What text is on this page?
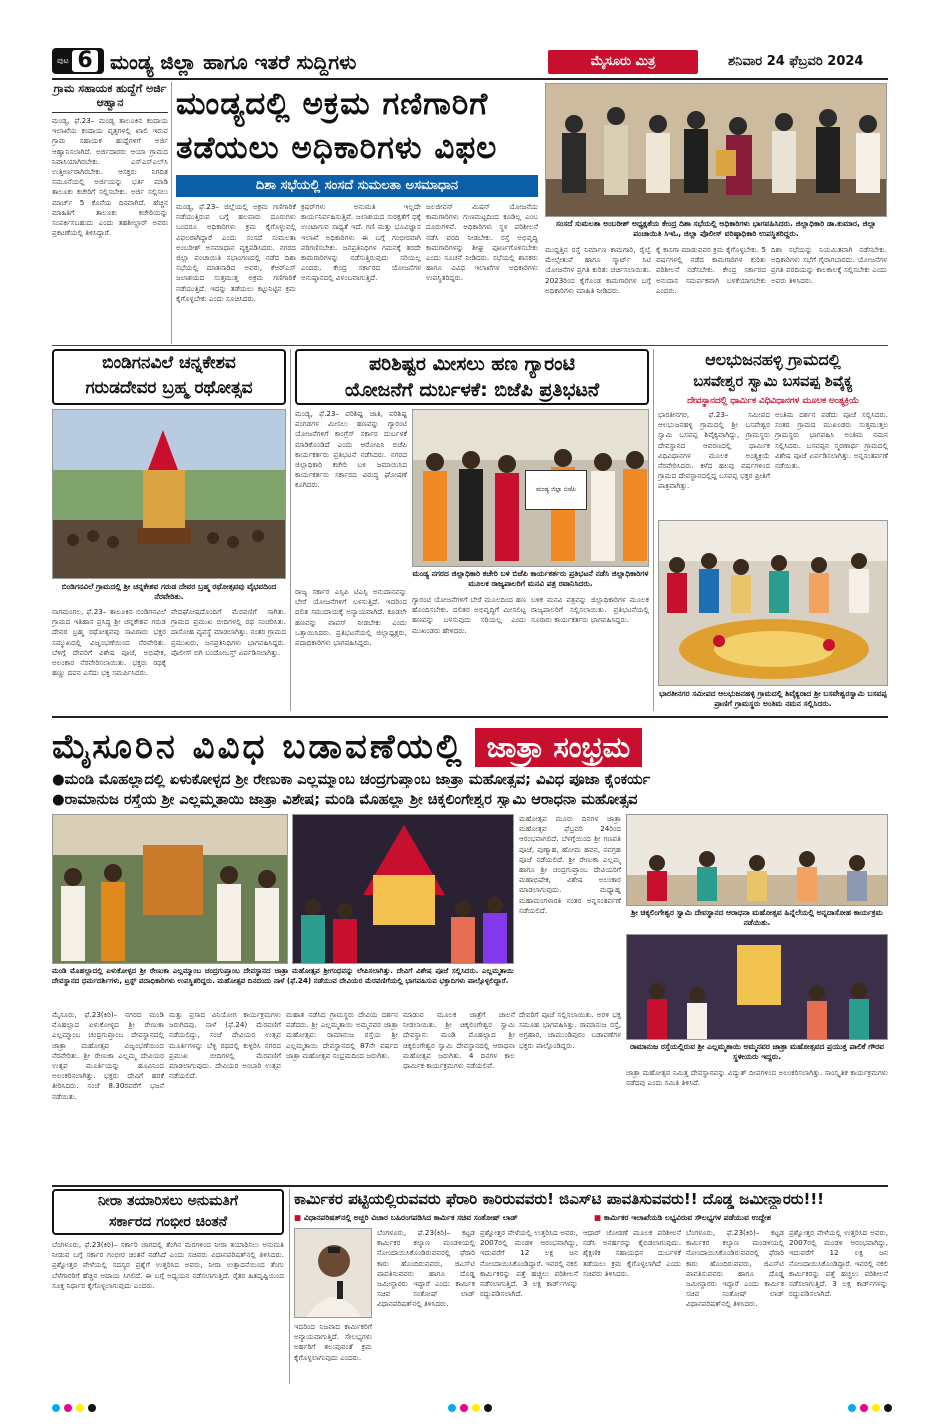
ಪುಟ 6 ಮಂಡ್ಯ ಜಿಲ್ಲಾ ಹಾಗೂ ಇತರೆ ಸುದ್ದಿಗಳು	ಮೈಸೂರು ಮಿತ್ರ	ಶನಿವಾರ 24 ಫೆಬ್ರವರಿ 2024
ಗ್ರಾಮ ಸಹಾಯಕ ಹುದ್ದೆಗೆ ಅರ್ಜಿ ಆಹ್ವಾನ
ಮಂಡ್ಯ, ಫೆ.23– ಮಂಡ್ಯ ತಾಲೂಕಿನ ಕಂದಾಯ ಇಲಾಖೆಯ ಕಂದಾಯ ವೃತ್ತಗಳಲ್ಲಿ ಖಾಲಿ ಇರುವ ಗ್ರಾಮ ಸಹಾಯಕ ಹುದ್ದೆಗಳಿಗೆ ಅರ್ಜಿ ಆಹ್ವಾನಿಸಲಾಗಿದೆ. ಅರ್ಜಿದಾರರು ಆಯಾ ಗ್ರಾಮದ ನಿವಾಸಿಯಾಗಿರಬೇಕು. ಎಸ್ಎಸ್ಎಲ್‌ಸಿ ಉತ್ತೀರ್ಣರಾಗಿರಬೇಕು. ಆಸಕ್ತರು ನಿಗದಿತ ನಮೂನೆಯಲ್ಲಿ ಅರ್ಜಿಯನ್ನು ಭರ್ತಿ ಮಾಡಿ ತಾಲೂಕು ಕಚೇರಿಗೆ ಸಲ್ಲಿಸಬೇಕು. ಅರ್ಜಿ ಸಲ್ಲಿಸಲು ಮಾರ್ಚ್ 5 ಕೊನೆಯ ದಿನವಾಗಿದೆ. ಹೆಚ್ಚಿನ ಮಾಹಿತಿಗೆ ತಾಲೂಕು ಕಚೇರಿಯನ್ನು ಸಂಪರ್ಕಿಸಬಹುದು ಎಂದು ತಹಶೀಲ್ದಾರ್ ಅವರು ಪ್ರಕಟಣೆಯಲ್ಲಿ ತಿಳಿಸಿದ್ದಾರೆ.
ಮಂಡ್ಯದಲ್ಲಿ ಅಕ್ರಮ ಗಣಿಗಾರಿಗೆ
ತಡೆಯಲು ಅಧಿಕಾರಿಗಳು ವಿಫಲ
ದಿಶಾ ಸಭೆಯಲ್ಲಿ ಸಂಸದೆ ಸುಮಲತಾ ಅಸಮಾಧಾನ
ಸಂಸದೆ ಸುಮಲತಾ ಅಂಬರೀಶ್ ಅಧ್ಯಕ್ಷತೆಯ ಕೇಂದ್ರ ದಿಶಾ ಸಭೆಯಲ್ಲಿ ಅಧಿಕಾರಿಗಳು ಭಾಗವಹಿಸಿದರು. ಜಿಲ್ಲಾಧಿಕಾರಿ ಡಾ.ಕುಮಾರ, ಜಿಲ್ಲಾ ಪಂಚಾಯಿತಿ ಸಿಇಓ, ಜಿಲ್ಲಾ ಪೊಲೀಸ್ ವರಿಷ್ಠಾಧಿಕಾರಿ ಉಪಸ್ಥಿತರಿದ್ದರು.
ಮಂಡ್ಯ, ಫೆ.23– ಜಿಲ್ಲೆಯಲ್ಲಿ ಅಕ್ರಮ ಗಣಿಗಾರಿಕೆ ನಡೆಯುತ್ತಿರುವ ಬಗ್ಗೆ ಹಲವಾರು ದೂರುಗಳು ಬಂದರೂ ಅಧಿಕಾರಿಗಳು ಕ್ರಮ ಕೈಗೊಳ್ಳುವಲ್ಲಿ ವಿಫಲರಾಗಿದ್ದಾರೆ ಎಂದು ಸಂಸದೆ ಸುಮಲತಾ ಅಂಬರೀಶ್ ಅಸಮಾಧಾನ ವ್ಯಕ್ತಪಡಿಸಿದರು. ನಗರದ ಜಿಲ್ಲಾ ಪಂಚಾಯಿತಿ ಸಭಾಂಗಣದಲ್ಲಿ ನಡೆದ ದಿಶಾ ಸಭೆಯಲ್ಲಿ ಮಾತನಾಡಿದ ಅವರು, ಕೆಆರ್‌ಎಸ್ ಜಲಾಶಯದ ಸುತ್ತಮುತ್ತ ಅಕ್ರಮ ಗಣಿಗಾರಿಕೆ ನಡೆಯುತ್ತಿದೆ. ಇದನ್ನು ತಡೆಯಲು ಕಟ್ಟುನಿಟ್ಟಿನ ಕ್ರಮ ಕೈಗೊಳ್ಳಬೇಕು ಎಂದು ಸೂಚಿಸಿದರು.
ಕ್ರಷರ್‌ಗಳು ಅನುಮತಿ ಇಲ್ಲದೇ ಕಾರ್ಯನಿರ್ವಹಿಸುತ್ತಿವೆ. ಜಲಾಶಯದ ಸುರಕ್ಷತೆಗೆ ಧಕ್ಕೆ ಉಂಟಾಗುವ ಸಾಧ್ಯತೆ ಇದೆ. ಗಣಿ ಮತ್ತು ಭೂವಿಜ್ಞಾನ ಇಲಾಖೆ ಅಧಿಕಾರಿಗಳು ಈ ಬಗ್ಗೆ ಗಂಭೀರವಾಗಿ ಪರಿಗಣಿಸಬೇಕು. ಜನಪ್ರತಿನಿಧಿಗಳ ಗಮನಕ್ಕೆ ತರದೇ ಕಾಮಗಾರಿಗಳನ್ನು ನಡೆಸುತ್ತಿರುವುದು ಸರಿಯಲ್ಲ ಎಂದರು. ಕೇಂದ್ರ ಸರ್ಕಾರದ ಯೋಜನೆಗಳ ಅನುಷ್ಠಾನದಲ್ಲಿ ವಿಳಂಬವಾಗುತ್ತಿದೆ.
ಜಲಜೀವನ್ ಮಿಷನ್ ಯೋಜನೆಯ ಕಾಮಗಾರಿಗಳು ಗುಣಮಟ್ಟದಿಂದ ಕೂಡಿಲ್ಲ ಎಂಬ ದೂರುಗಳಿವೆ. ಅಧಿಕಾರಿಗಳು ಸ್ಥಳ ಪರಿಶೀಲನೆ ನಡೆಸಿ ವರದಿ ನೀಡಬೇಕು. ರಸ್ತೆ ಅಭಿವೃದ್ಧಿ ಕಾಮಗಾರಿಗಳನ್ನು ಶೀಘ್ರ ಪೂರ್ಣಗೊಳಿಸಬೇಕು ಎಂದು ಸೂಚನೆ ನೀಡಿದರು. ಸಭೆಯಲ್ಲಿ ಶಾಸಕರು ಹಾಗೂ ವಿವಿಧ ಇಲಾಖೆಗಳ ಅಧಿಕಾರಿಗಳು ಉಪಸ್ಥಿತರಿದ್ದರು.
ಮುದ್ದತ್ತಿನ ರಸ್ತೆ ನಿರ್ಮಾಣ ಕಾಮಗಾರಿ, ರೈಲ್ವೆ ಮೇಲ್ಸೇತುವೆ ಹಾಗೂ ಸ್ಮಾರ್ಟ್ ಸಿಟಿ ಯೋಜನೆಗಳ ಪ್ರಗತಿ ಕುರಿತು ಚರ್ಚಿಸಲಾಯಿತು. 2023ರಿಂದ ಕೈಗೊಂಡ ಕಾಮಗಾರಿಗಳ ಬಗ್ಗೆ ಅಧಿಕಾರಿಗಳು ಮಾಹಿತಿ ನೀಡಿದರು.
ಕೈ ಕಾಸಗಾ ಮಾಡುವವರ ಕ್ರಮ ಕೈಗೊಳ್ಳಬೇಕು. 5 ವರ್ಷಗಳಲ್ಲಿ ನಡೆದ ಕಾಮಗಾರಿಗಳ ಕುರಿತು ಪರಿಶೀಲನೆ ನಡೆಸಬೇಕು. ಕೇಂದ್ರ ಸರ್ಕಾರದ ಅನುದಾನ ಸಮರ್ಪಕವಾಗಿ ಬಳಕೆಯಾಗಬೇಕು ಎಂದರು.
ದಿಶಾ ಸಭೆಯನ್ನು ನಿಯಮಿತವಾಗಿ ನಡೆಸಬೇಕು. ಅಧಿಕಾರಿಗಳು ಸಭೆಗೆ ಗೈರಾಗಬಾರದು. ಯೋಜನೆಗಳ ಪ್ರಗತಿ ವರದಿಯನ್ನು ಕಾಲಕಾಲಕ್ಕೆ ಸಲ್ಲಿಸಬೇಕು ಎಂದು ಅವರು ತಿಳಿಸಿದರು.
ಬಿಂಡಿಗನವಿಲೆ ಚನ್ನಕೇಶವ
ಗರುಡದೇವರ ಬ್ರಹ್ಮ ರಥೋತ್ಸವ
ಬಿಂಡಿಗನವಿಲೆ ಗ್ರಾಮದಲ್ಲಿ ಶ್ರೀ ಚನ್ನಕೇಶವ ಗರುಡ ದೇವರ ಬ್ರಹ್ಮ ರಥೋತ್ಸವವು ವೈಭವದಿಂದ ನೆರವೇರಿತು.
ನಾಗಮಂಗಲ, ಫೆ.23– ತಾಲೂಕಿನ ಬಿಂಡಿಗನವಿಲೆ ಗ್ರಾಮದ ಇತಿಹಾಸ ಪ್ರಸಿದ್ಧ ಶ್ರೀ ಚನ್ನಕೇಶವ ಗರುಡ ದೇವರ ಬ್ರಹ್ಮ ರಥೋತ್ಸವವು ಸಾವಿರಾರು ಭಕ್ತರ ಸಮ್ಮುಖದಲ್ಲಿ ವಿಜೃಂಭಣೆಯಿಂದ ನೆರವೇರಿತು. ಬೆಳಿಗ್ಗೆ ದೇವರಿಗೆ ವಿಶೇಷ ಪೂಜೆ, ಅಭಿಷೇಕ, ಅಲಂಕಾರ ನೆರವೇರಿಸಲಾಯಿತು. ಭಕ್ತರು ರಥಕ್ಕೆ ಹಣ್ಣು ದವನ ಎಸೆದು ಭಕ್ತಿ ಸಮರ್ಪಿಸಿದರು.
ವೇದಘೋಷದೊಂದಿಗೆ ಮೆರವಣಿಗೆ ಸಾಗಿತು. ಗ್ರಾಮದ ಪ್ರಮುಖ ಬೀದಿಗಳಲ್ಲಿ ರಥ ಸಂಚರಿಸಿತು. ದಾಸೋಹ ವ್ಯವಸ್ಥೆ ಮಾಡಲಾಗಿತ್ತು. ನಂತರ ಗ್ರಾಮದ ಪ್ರಮುಖರು, ಜನಪ್ರತಿನಿಧಿಗಳು ಭಾಗವಹಿಸಿದ್ದರು. ಪೊಲೀಸ್ ಬಿಗಿ ಬಂದೋಬಸ್ತ್ ಏರ್ಪಡಿಸಲಾಗಿತ್ತು.
ಪರಿಶಿಷ್ಟರ ಮೀಸಲು ಹಣ ಗ್ಯಾರಂಟಿ
ಯೋಜನೆಗೆ ದುರ್ಬಳಕೆ: ಬಿಜೆಪಿ ಪ್ರತಿಭಟನೆ
ಮಂಡ್ಯ, ಫೆ.23– ಪರಿಶಿಷ್ಟ ಜಾತಿ, ಪರಿಶಿಷ್ಟ ಪಂಗಡಗಳ ಮೀಸಲು ಹಣವನ್ನು ಗ್ಯಾರಂಟಿ ಯೋಜನೆಗಳಿಗೆ ಕಾಂಗ್ರೆಸ್ ಸರ್ಕಾರ ದುರ್ಬಳಕೆ ಮಾಡಿಕೊಂಡಿದೆ ಎಂದು ಆರೋಪಿಸಿ ಬಿಜೆಪಿ ಕಾರ್ಯಕರ್ತರು ಪ್ರತಿಭಟನೆ ನಡೆಸಿದರು. ನಗರದ ಜಿಲ್ಲಾಧಿಕಾರಿ ಕಚೇರಿ ಬಳಿ ಜಮಾಯಿಸಿದ ಕಾರ್ಯಕರ್ತರು ಸರ್ಕಾರದ ವಿರುದ್ಧ ಘೋಷಣೆ ಕೂಗಿದರು.
ಮಂಡ್ಯ ಜಿಲ್ಲಾ ಬಿಜೆಪಿ
ಮಂಡ್ಯ ನಗರದ ಜಿಲ್ಲಾಧಿಕಾರಿ ಕಚೇರಿ ಬಳಿ ಬಿಜೆಪಿ ಕಾರ್ಯಕರ್ತರು ಪ್ರತಿಭಟನೆ ನಡೆಸಿ ಜಿಲ್ಲಾಧಿಕಾರಿಗಳ ಮೂಲಕ ರಾಜ್ಯಪಾಲರಿಗೆ ಮನವಿ ಪತ್ರ ರವಾನಿಸಿದರು.
ರಾಜ್ಯ ಸರ್ಕಾರ ಎಸ್ಸಿಪಿ ಟಿಎಸ್ಪಿ ಅನುದಾನವನ್ನು ಬೇರೆ ಯೋಜನೆಗಳಿಗೆ ಬಳಸುತ್ತಿದೆ. ಇದರಿಂದ ದಲಿತ ಸಮುದಾಯಕ್ಕೆ ಅನ್ಯಾಯವಾಗಿದೆ. ಕೂಡಲೇ ಹಣವನ್ನು ವಾಪಸ್ ನೀಡಬೇಕು ಎಂದು ಒತ್ತಾಯಿಸಿದರು. ಪ್ರತಿಭಟನೆಯಲ್ಲಿ ಜಿಲ್ಲಾಧ್ಯಕ್ಷರು, ಪದಾಧಿಕಾರಿಗಳು ಭಾಗವಹಿಸಿದ್ದರು.
ಗ್ಯಾರಂಟಿ ಯೋಜನೆಗಳಿಗೆ ಬೇರೆ ಮೂಲದಿಂದ ಹಣ ಹೊಂದಿಸಬೇಕು. ದಲಿತರ ಅಭಿವೃದ್ಧಿಗೆ ಮೀಸಲಿಟ್ಟ ಹಣವನ್ನು ಬಳಸುವುದು ಸರಿಯಲ್ಲ ಎಂದು ಮುಖಂಡರು ಹೇಳಿದರು.
ಬಳಿಕ ಮನವಿ ಪತ್ರವನ್ನು ಜಿಲ್ಲಾಧಿಕಾರಿಗಳ ಮೂಲಕ ರಾಜ್ಯಪಾಲರಿಗೆ ಸಲ್ಲಿಸಲಾಯಿತು. ಪ್ರತಿಭಟನೆಯಲ್ಲಿ ನೂರಾರು ಕಾರ್ಯಕರ್ತರು ಭಾಗವಹಿಸಿದ್ದರು.
ಆಲಭುಜನಹಳ್ಳಿ ಗ್ರಾಮದಲ್ಲಿ
ಬಸವೇಶ್ವರ ಸ್ವಾಮಿ ಬಸವಪ್ಪ ಶಿವೈಕ್ಯ
ದೇವಸ್ಥಾನದಲ್ಲಿ ಧಾರ್ಮಿಕ ವಿಧಿವಿಧಾನಗಳ ಮೂಲಕ ಅಂತ್ಯಕ್ರಿಯೆ
ಭಾರತೀನಗರ, ಫೆ.23– ಸಮೀಪದ ಆಲಭುಜನಹಳ್ಳಿ ಗ್ರಾಮದಲ್ಲಿ ಶ್ರೀ ಬಸವೇಶ್ವರ ಸ್ವಾಮಿ ಬಸವಪ್ಪ ಶಿವೈಕ್ಯವಾಗಿದ್ದು, ಗ್ರಾಮಸ್ಥರು ದೇವಸ್ಥಾನದ ಆವರಣದಲ್ಲಿ ಧಾರ್ಮಿಕ ವಿಧಿವಿಧಾನಗಳ ಮೂಲಕ ಅಂತ್ಯಕ್ರಿಯೆ ನೆರವೇರಿಸಿದರು. ಕಳೆದ ಹಲವು ವರ್ಷಗಳಿಂದ ಗ್ರಾಮದ ದೇವಸ್ಥಾನದಲ್ಲಿದ್ದ ಬಸವಪ್ಪ ಭಕ್ತರ ಪ್ರೀತಿಗೆ ಪಾತ್ರವಾಗಿತ್ತು.
ಅಂತಿಮ ದರ್ಶನ ಪಡೆದು ಪೂಜೆ ಸಲ್ಲಿಸಿದರು. ಸಂತರ ಗ್ರಾಮದ ಮುಖಂಡರು ಸುತ್ತಮುತ್ತಲ ಗ್ರಾಮಸ್ಥರು ಭಾಗವಹಿಸಿ ಅಂತಿಮ ನಮನ ಸಲ್ಲಿಸಿದರು. ಬಸವಪ್ಪನ ಸ್ಮರಣಾರ್ಥ ಗ್ರಾಮದಲ್ಲಿ ವಿಶೇಷ ಪೂಜೆ ಏರ್ಪಡಿಸಲಾಗಿತ್ತು. ಅನ್ನಸಂತರ್ಪಣೆ ನಡೆಯಿತು.
ಭಾರತೀನಗರ ಸಮೀಪದ ಆಲಭುಜನಹಳ್ಳಿ ಗ್ರಾಮದಲ್ಲಿ ಶಿವೈಕ್ಯರಾದ ಶ್ರೀ ಬಸವೇಶ್ವರಸ್ವಾಮಿ ಬಸವಪ್ಪ ಪ್ರಾಣಿಗೆ ಗ್ರಾಮಸ್ಥರು ಅಂತಿಮ ನಮನ ಸಲ್ಲಿಸಿದರು.
ಮೈಸೂರಿನ ವಿವಿಧ ಬಡಾವಣೆಯಲ್ಲಿ ಜಾತ್ರಾ ಸಂಭ್ರಮ
●ಮಂಡಿ ಮೊಹಲ್ಲಾದಲ್ಲಿ ಏಳುಕೋಳ್ಳದ ಶ್ರೀ ರೇಣುಕಾ ಎಲ್ಲಮ್ಮಾಂಬ ಚಂದ್ರಗುಪ್ತಾಂಬ ಜಾತ್ರಾ ಮಹೋತ್ಸವ; ವಿವಿಧ ಪೂಜಾ ಕೈಂಕರ್ಯ
●ರಾಮಾನುಜ ರಸ್ತೆಯ ಶ್ರೀ ಎಲ್ಲಮ್ಮತಾಯಿ ಜಾತ್ರಾ ವಿಶೇಷ; ಮಂಡಿ ಮೊಹಲ್ಲಾ ಶ್ರೀ ಚಿಕ್ಕಲಿಂಗೇಶ್ವರ ಸ್ವಾಮಿ ಆರಾಧನಾ ಮಹೋತ್ಸವ
ಮಂಡಿ ಮೊಹಲ್ಲಾದಲ್ಲಿ ಏಳುಕೋಳ್ಳದ ಶ್ರೀ ರೇಣುಕಾ ಎಲ್ಲಮ್ಮಾಂಬ ಚಂದ್ರಗುಪ್ತಾಂಬ ದೇವಸ್ಥಾನದ ಜಾತ್ರಾ ಮಹೋತ್ಸವ ಶ್ರೀಗಂಧವನ್ನು ಲೇಪಿಸಲಾಗಿತ್ತು. ದೇವಿಗೆ ವಿಶೇಷ ಪೂಜೆ ಸಲ್ಲಿಸಿದರು. ಎಲ್ಲಮ್ಮತಾಯಿ ದೇವಸ್ಥಾನದ ಧರ್ಮದರ್ಶಿಗಳು, ಟ್ರಸ್ಟ್ ಪದಾಧಿಕಾರಿಗಳು ಉಪಸ್ಥಿತರಿದ್ದರು. ಮಹೋತ್ಸವ ದಿನದಂದು ನಾಳೆ (ಫೆ.24) ನಡೆಯುವ ದೇವಿಯರ ಮೆರವಣಿಗೆಯಲ್ಲಿ ಭಾಗವಹಿಸುವ ಭಕ್ತಾದಿಗಳು ಪಾಲ್ಗೊಳ್ಳಲಿದ್ದಾರೆ.
ಮಹೋತ್ಸವ ಮೂರು ದಿನಗಳ ಜಾತ್ರಾ ಮಹೋತ್ಸವ ಫೆಬ್ರವರಿ 24ರಿಂದ ಆರಂಭವಾಗಲಿದೆ. ಬೆಳಗ್ಗೆಯಿಂದ ಶ್ರೀ ಗಣಪತಿ ಪೂಜೆ, ಪುಣ್ಯಾಹ, ಹೋಮ ಹವನ, ನವಗ್ರಹ ಪೂಜೆ ನಡೆಯಲಿದೆ. ಶ್ರೀ ರೇಣುಕಾ ಎಲ್ಲಮ್ಮ ಹಾಗೂ ಶ್ರೀ ಚಂದ್ರಗುಪ್ತಾಂಬ ದೇವಿಯರಿಗೆ ಮಹಾಭಿಷೇಕ, ವಿಶೇಷ ಅಲಂಕಾರ ಮಾಡಲಾಗುವುದು. ಮಧ್ಯಾಹ್ನ ಮಹಾಮಂಗಳಾರತಿ ನಂತರ ಅನ್ನಸಂತರ್ಪಣೆ ನಡೆಯಲಿದೆ.	ಶ್ರೀ ಚಿಕ್ಕಲಿಂಗೇಶ್ವರ ಸ್ವಾಮಿ ದೇವಸ್ಥಾನದ ಆರಾಧನಾ ಮಹೋತ್ಸವ ಹಿನ್ನೆಲೆಯಲ್ಲಿ ಅನ್ನದಾಸೋಹ ಕಾರ್ಯಕ್ರಮ ನಡೆಯಿತು.
ರಾಮಾನುಜ ರಸ್ತೆಯಲ್ಲಿರುವ ಶ್ರೀ ಎಲ್ಲಮ್ಮತಾಯಿ ಅಮ್ಮನವರ ಜಾತ್ರಾ ಮಹೋತ್ಸವದ ಪ್ರಯುಕ್ತ ಪಾಲಿಕೆ ಗೌರವ ಸ್ಥಳೀಯರು ಇದ್ದರು.
ಮೈಸೂರು, ಫೆ.23(ಕಿರಿ)– ನಗರದ ಮಂಡಿ ಮೊಹಲ್ಲಾದ ಏಳುಕೋಳ್ಳದ ಶ್ರೀ ರೇಣುಕಾ ಎಲ್ಲಮ್ಮಾಂಬ ಚಂದ್ರಗುಪ್ತಾಂಬ ದೇವಸ್ಥಾನದಲ್ಲಿ ಜಾತ್ರಾ ಮಹೋತ್ಸವ ವಿಜೃಂಭಣೆಯಿಂದ ನೆರವೇರಿತು. ಶ್ರೀ ರೇಣುಕಾ ಎಲ್ಲಮ್ಮ ದೇವಿಯರ ಉತ್ಸವ ಮೂರ್ತಿಯನ್ನು ಹೂವಿನಿಂದ ಅಲಂಕರಿಸಲಾಗಿತ್ತು. ಭಕ್ತರು ದೇವಿಗೆ ಹರಕೆ ತೀರಿಸಿದರು. ಸಂಜೆ 8.30ರವರೆಗೆ ಭಜನೆ ನಡೆಯಿತು.
ಮತ್ತು ಪ್ರಸಾದ ವಿನಿಯೋಗ ಕಾರ್ಯಕ್ರಮಗಳು ಜರುಗಿದವು. ನಾಳೆ (ಫೆ.24) ಮೆರವಣಿಗೆ ನಡೆಯಲಿದ್ದು, ಸಂಜೆ ದೇವಿಯರ ಉತ್ಸವ ಮೂರ್ತಿಗಳನ್ನು ಬೆಳ್ಳಿ ರಥದಲ್ಲಿ ಕುಳ್ಳಿರಿಸಿ ನಗರದ ಪ್ರಮುಖ ಬೀದಿಗಳಲ್ಲಿ ಮೆರವಣಿಗೆ ಮಾಡಲಾಗುವುದು. ದೇವಿಯರ ಅಂಬಾರಿ ಉತ್ಸವ ನಡೆಯಲಿದೆ.
ಮಹಾತ ನಡೆಸಿದ ಗ್ರಾಮಸ್ಥರು ದೇವಿಯ ದರ್ಶನ ಪಡೆದರು. ಶ್ರೀ ಎಲ್ಲಮ್ಮತಾಯಿ ಅಮ್ಮನವರ ಜಾತ್ರಾ ಮಹೋತ್ಸವ: ರಾಮಾನುಜ ರಸ್ತೆಯ ಶ್ರೀ ಎಲ್ಲಮ್ಮತಾಯಿ ದೇವಸ್ಥಾನದಲ್ಲಿ 87ನೇ ವರ್ಷದ ಜಾತ್ರಾ ಮಹೋತ್ಸವ ಸಂಭ್ರಮದಿಂದ ಜರುಗಿತು.
ಮಾಡುವ ಮೂಲಕ ಜಾತ್ರೆಗೆ ಚಾಲನೆ ನೀಡಲಾಯಿತು. ಶ್ರೀ ಚಿಕ್ಕಲಿಂಗೇಶ್ವರ ಸ್ವಾಮಿ ದೇವಸ್ಥಾನ: ಮಂಡಿ ಮೊಹಲ್ಲಾದ ಶ್ರೀ ಚಿಕ್ಕಲಿಂಗೇಶ್ವರ ಸ್ವಾಮಿ ದೇವಸ್ಥಾನದಲ್ಲಿ ಆರಾಧನಾ ಮಹೋತ್ಸವ ಜರುಗಿತು. 4 ದಿನಗಳ ಕಾಲ ಧಾರ್ಮಿಕ ಕಾರ್ಯಕ್ರಮಗಳು ನಡೆಯಲಿವೆ.
ದೇವರಿಗೆ ಪೂಜೆ ಸಲ್ಲಿಸಲಾಯಿತು. ಅರಳಿ ಭಕ್ತ ಸಮೂಹ ಭಾಗವಹಿಸಿತ್ತು. ರಾಮಾನುಜ ರಸ್ತೆ, ಅಗ್ರಹಾರ, ಚಾಮುಂಡಿಪುರಂ ಬಡಾವಣೆಗಳ ಭಕ್ತರು ಪಾಲ್ಗೊಂಡಿದ್ದರು.
ಜಾತ್ರಾ ಮಹೋತ್ಸವ ನಿಮಿತ್ತ ದೇವಸ್ಥಾನವನ್ನು ವಿದ್ಯುತ್ ದೀಪಗಳಿಂದ ಅಲಂಕರಿಸಲಾಗಿತ್ತು. ಸಾಂಸ್ಕೃತಿಕ ಕಾರ್ಯಕ್ರಮಗಳು ನಡೆದವು ಎಂದು ಸಮಿತಿ ತಿಳಿಸಿದೆ.
ನೀರಾ ತಯಾರಿಸಲು ಅನುಮತಿಗೆ
ಸರ್ಕಾರದ ಗಂಭೀರ ಚಿಂತನೆ
ಬೆಂಗಳೂರು, ಫೆ.23(ಕಿರಿ)– ಸರ್ಕಾರಿ ಜಾಗದಲ್ಲಿ ತೆಂಗಿನ ಮರಗಳಿಂದ ನೀರಾ ತಯಾರಿಸಲು ಅನುಮತಿ ನೀಡುವ ಬಗ್ಗೆ ಸರ್ಕಾರ ಗಂಭೀರ ಚಿಂತನೆ ನಡೆಸಿದೆ ಎಂದು ಸಚಿವರು ವಿಧಾನಪರಿಷತ್‌ನಲ್ಲಿ ತಿಳಿಸಿದರು. ಪ್ರಶ್ನೋತ್ತರ ವೇಳೆಯಲ್ಲಿ ಸದಸ್ಯರ ಪ್ರಶ್ನೆಗೆ ಉತ್ತರಿಸಿದ ಅವರು, ನೀರಾ ಉತ್ಪಾದನೆಯಿಂದ ತೆಂಗು ಬೆಳೆಗಾರರಿಗೆ ಹೆಚ್ಚಿನ ಆದಾಯ ಸಿಗಲಿದೆ. ಈ ಬಗ್ಗೆ ಅಧ್ಯಯನ ನಡೆಸಲಾಗುತ್ತಿದೆ. ರೈತರ ಹಿತದೃಷ್ಟಿಯಿಂದ ಸೂಕ್ತ ನಿರ್ಧಾರ ಕೈಗೊಳ್ಳಲಾಗುವುದು ಎಂದರು.
ಕಾರ್ಮಿಕರ ಪಟ್ಟಿಯಲ್ಲಿರುವವರು ಫೆರಾರಿ ಕಾರಿರುವವರು! ಜಿಎಸ್‌ಟಿ ಪಾವತಿಸುವವರು!! ದೊಡ್ಡ ಜಮೀನ್ದಾರರು!!!
■ ವಿಧಾನಪರಿಷತ್‌ನಲ್ಲಿ ಅಚ್ಚರಿ ವಿಚಾರ ಬಹಿರಂಗಪಡಿಸಿದ ಕಾರ್ಮಿಕ ಸಚಿವ ಸಂತೋಷ್ ಲಾಡ್	■ ಕಾರ್ಮಿಕರ ಇಲಾಖೆಯಡಿ ಲಭ್ಯವಿರುವ ಸೌಲಭ್ಯಗಳ ಪಡೆಯುವ ಉದ್ದೇಶ
ಇದರಿಂದ ನಿಜವಾದ ಕಾರ್ಮಿಕರಿಗೆ ಅನ್ಯಾಯವಾಗುತ್ತಿದೆ. ಸೌಲಭ್ಯಗಳು ಅರ್ಹರಿಗೆ ತಲುಪುವಂತೆ ಕ್ರಮ ಕೈಗೊಳ್ಳಲಾಗುವುದು ಎಂದರು.
ಬೆಂಗಳೂರು, ಫೆ.23(ಕಿರಿ)– ಕಟ್ಟಡ ಕಾರ್ಮಿಕರ ಕಲ್ಯಾಣ ಮಂಡಳಿಯಲ್ಲಿ ನೋಂದಾಯಿಸಿಕೊಂಡಿರುವವರಲ್ಲಿ ಫೆರಾರಿ ಕಾರು ಹೊಂದಿರುವವರು, ಜಿಎಸ್‌ಟಿ ಪಾವತಿಸುವವರು ಹಾಗೂ ದೊಡ್ಡ ಜಮೀನ್ದಾರರು ಇದ್ದಾರೆ ಎಂದು ಕಾರ್ಮಿಕ ಸಚಿವ ಸಂತೋಷ್ ಲಾಡ್ ವಿಧಾನಪರಿಷತ್‌ನಲ್ಲಿ ತಿಳಿಸಿದರು.
ಪ್ರಶ್ನೋತ್ತರ ವೇಳೆಯಲ್ಲಿ ಉತ್ತರಿಸಿದ ಅವರು, 2007ರಲ್ಲಿ ಮಂಡಳಿ ಆರಂಭವಾಗಿದ್ದು, ಇದುವರೆಗೆ 12 ಲಕ್ಷ ಜನ ನೋಂದಾಯಿಸಿಕೊಂಡಿದ್ದಾರೆ. ಇವರಲ್ಲಿ ನಕಲಿ ಕಾರ್ಮಿಕರನ್ನು ಪತ್ತೆ ಹಚ್ಚಲು ಪರಿಶೀಲನೆ ನಡೆಸಲಾಗುತ್ತಿದೆ. 3 ಲಕ್ಷ ಕಾರ್ಡ್‌ಗಳನ್ನು ರದ್ದುಪಡಿಸಲಾಗಿದೆ.
ಆಧಾರ್ ಜೋಡಣೆ ಮೂಲಕ ಪರಿಶೀಲನೆ ನಡೆಸಿ ಅನರ್ಹರನ್ನು ಕೈಬಿಡಲಾಗುವುದು. ಶೈಕ್ಷಣಿಕ ಸಹಾಯಧನ ದುರ್ಬಳಕೆ ತಡೆಯಲು ಕ್ರಮ ಕೈಗೊಳ್ಳಲಾಗಿದೆ ಎಂದು ಸಚಿವರು ತಿಳಿಸಿದರು.
ಬೆಂಗಳೂರು, ಫೆ.23(ಕಿರಿ)– ಕಟ್ಟಡ ಕಾರ್ಮಿಕರ ಕಲ್ಯಾಣ ಮಂಡಳಿಯಲ್ಲಿ ನೋಂದಾಯಿಸಿಕೊಂಡಿರುವವರಲ್ಲಿ ಫೆರಾರಿ ಕಾರು ಹೊಂದಿರುವವರು, ಜಿಎಸ್‌ಟಿ ಪಾವತಿಸುವವರು ಹಾಗೂ ದೊಡ್ಡ ಜಮೀನ್ದಾರರು ಇದ್ದಾರೆ ಎಂದು ಕಾರ್ಮಿಕ ಸಚಿವ ಸಂತೋಷ್ ಲಾಡ್ ವಿಧಾನಪರಿಷತ್‌ನಲ್ಲಿ ತಿಳಿಸಿದರು.
ಪ್ರಶ್ನೋತ್ತರ ವೇಳೆಯಲ್ಲಿ ಉತ್ತರಿಸಿದ ಅವರು, 2007ರಲ್ಲಿ ಮಂಡಳಿ ಆರಂಭವಾಗಿದ್ದು, ಇದುವರೆಗೆ 12 ಲಕ್ಷ ಜನ ನೋಂದಾಯಿಸಿಕೊಂಡಿದ್ದಾರೆ. ಇವರಲ್ಲಿ ನಕಲಿ ಕಾರ್ಮಿಕರನ್ನು ಪತ್ತೆ ಹಚ್ಚಲು ಪರಿಶೀಲನೆ ನಡೆಸಲಾಗುತ್ತಿದೆ. 3 ಲಕ್ಷ ಕಾರ್ಡ್‌ಗಳನ್ನು ರದ್ದುಪಡಿಸಲಾಗಿದೆ.
